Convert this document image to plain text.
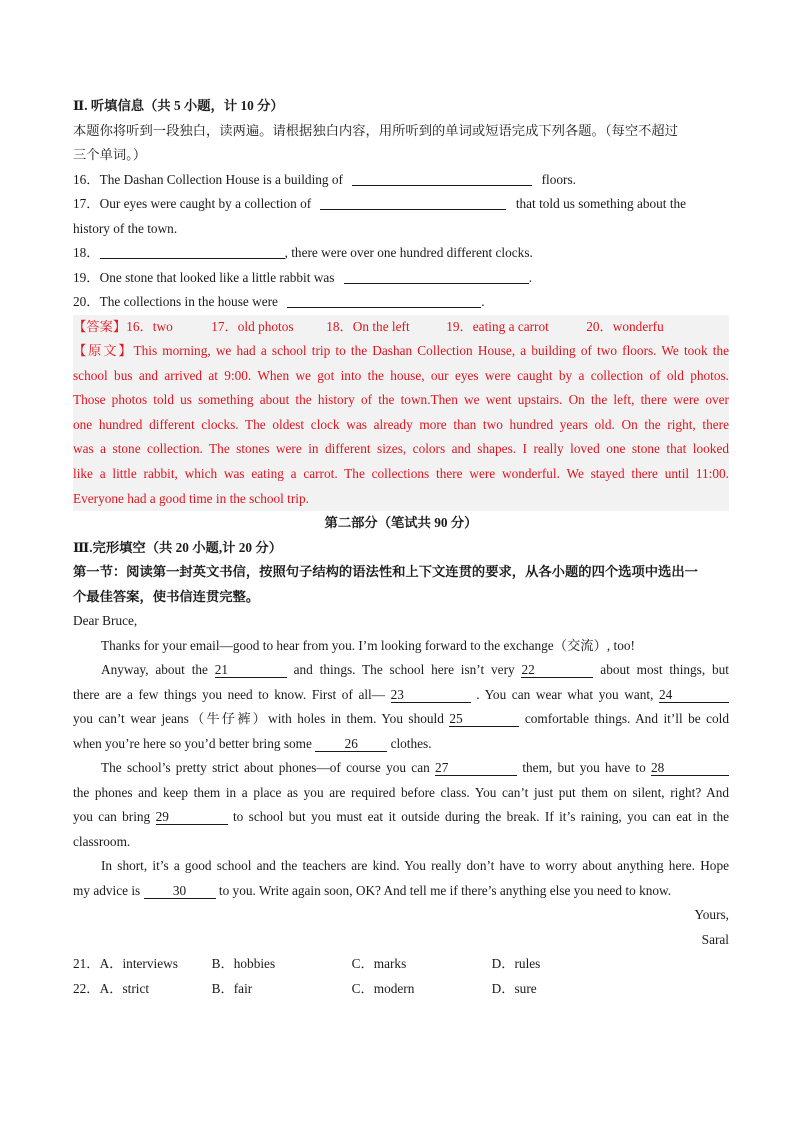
Ⅱ. 听填信息（共 5 小题，计 10 分）
本题你将听到一段独白，读两遍。请根据独白内容，用所听到的单词或短语完成下列各题。（每空不超过
三个单词。）
16．The Dashan Collection House is a building of	floors.
17．Our eyes were caught by a collection of	that told us something about the
history of the town.
18．	, there were over one hundred different clocks.
19．One stone that looked like a little rabbit was	.
20．The collections in the house were	.
【答案】16．two	17．old photos 18．On the left	19．eating a carrot	20．wonderfu
【原文】This morning, we had a school trip to the Dashan Collection House, a building of two floors. We took the
school bus and arrived at 9:00. When we got into the house, our eyes were caught by a collection of old photos.
Those photos told us something about the history of the town.Then we went upstairs. On the left, there were over
one hundred different clocks. The oldest clock was already more than two hundred years old. On the right, there
was a stone collection. The stones were in different sizes, colors and shapes. I really loved one stone that looked
like a little rabbit, which was eating a carrot. The collections there were wonderful. We stayed there until 11:00.
Everyone had a good time in the school trip.
第二部分（笔试共 90 分）
Ⅲ.完形填空（共 20 小题,计 20 分）
第一节：阅读第一封英文书信，按照句子结构的语法性和上下文连贯的要求，从各小题的四个选项中选出一
个最佳答案，使书信连贯完整。
Dear Bruce,
Thanks for your email—good to hear from you. I’m looking forward to the exchange（交流）, too!
Anyway, about the 21	and things. The school here isn’t very 22	about most things, but
there are a few things you need to know. First of all— 23	. You can wear what you want, 24
you can’t wear jeans（牛仔裤）with holes in them. You should 25	comfortable things. And it’ll be cold
when you’re here so you’d better bring some 26 clothes.
The school’s pretty strict about phones—of course you can 27	them, but you have to 28
the phones and keep them in a place as you are required before class. You can’t just put them on silent, right? And
you can bring 29	to school but you must eat it outside during the break. If it’s raining, you can eat in the
classroom.
In short, it’s a good school and the teachers are kind. You really don’t have to worry about anything here. Hope
my advice is 30 to you. Write again soon, OK? And tell me if there’s anything else you need to know.
Yours,
Saral
21．A．interviews	B．hobbies	C．marks	D．rules
22．A．strict	B．fair	C．modern	D．sure
